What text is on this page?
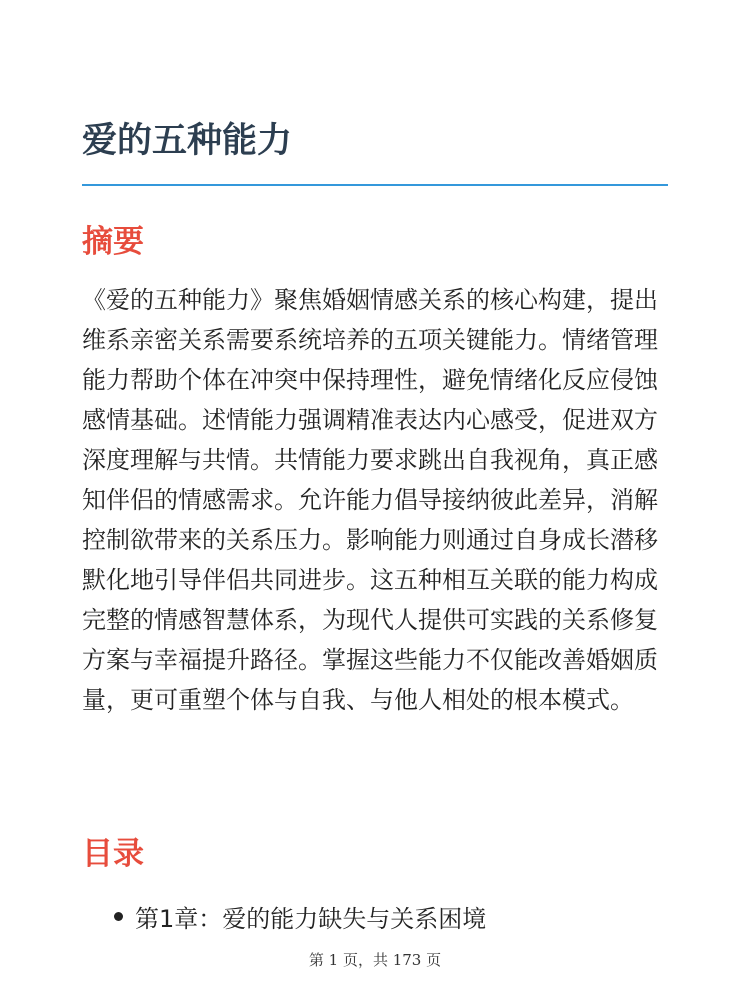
爱的五种能力
摘要

《爱的五种能力》聚焦婚姻情感关系的核心构建，提出维系亲密关系需要系统培养的五项关键能力。情绪管理能力帮助个体在冲突中保持理性，避免情绪化反应侵蚀感情基础。述情能力强调精准表达内心感受，促进双方深度理解与共情。共情能力要求跳出自我视角，真正感知伴侣的情感需求。允许能力倡导接纳彼此差异，消解控制欲带来的关系压力。影响能力则通过自身成长潜移默化地引导伴侣共同进步。这五种相互关联的能力构成完整的情感智慧体系，为现代人提供可实践的关系修复方案与幸福提升路径。掌握这些能力不仅能改善婚姻质量，更可重塑个体与自我、与他人相处的根本模式。

目录
第1章：爱的能力缺失与关系困境
第 1 页，共 173 页
